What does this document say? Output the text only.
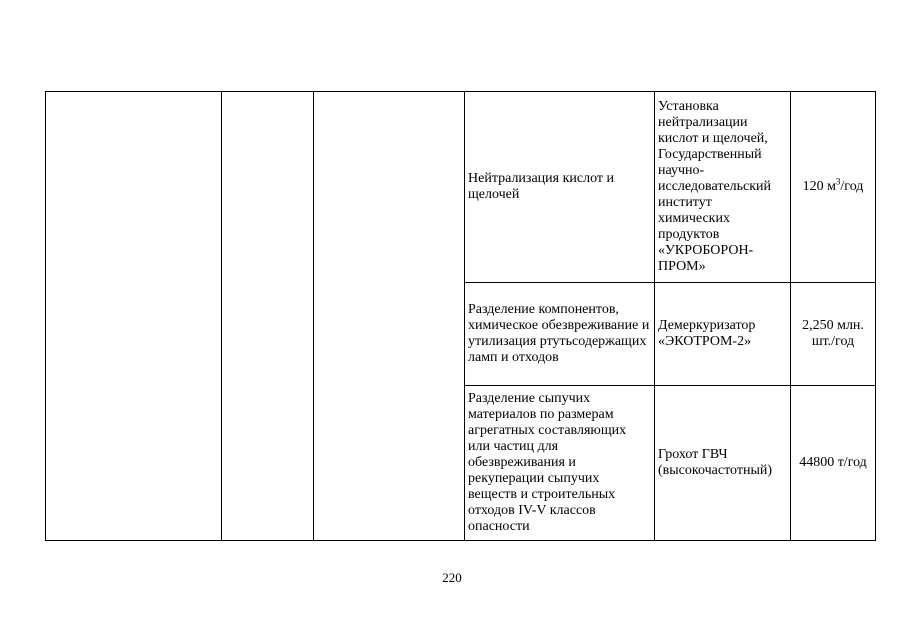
			Нейтрализация кислот и щелочей	Установка нейтрализации кислот и щелочей, Государственный научно-исследовательский институт химических продуктов «УКРОБОРОН-ПРОМ»	120 $м^3$/год
			Разделение компонентов, химическое обезвреживание и утилизация ртутьсодержащих ламп и отходов	Демеркуризатор «ЭКОТРОМ-2»	2,250 млн. шт./год
			Разделение сыпучих материалов по размерам агрегатных составляющих или частиц для обезвреживания и рекуперации сыпучих веществ и строительных отходов IV-V классов опасности	Грохот ГВЧ (высокочастотный)	44800 т/год
220
